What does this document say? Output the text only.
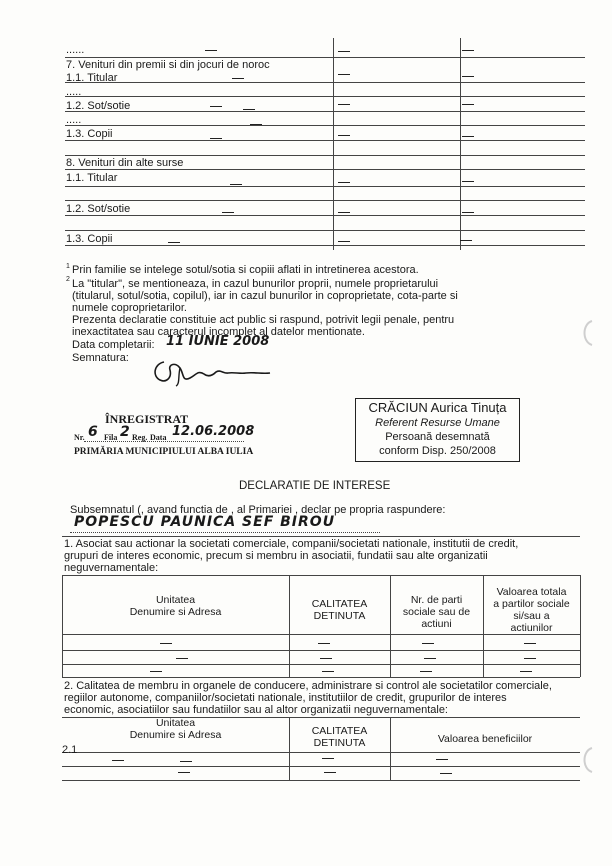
......
7. Venituri din premii si din jocuri de noroc
1.1. Titular
.....
1.2. Sot/sotie
.....
1.3. Copii
8. Venituri din alte surse
1.1. Titular
1.2. Sot/sotie
1.3. Copii
1 Prin familie se intelege sotul/sotia si copiii aflati in intretinerea acestora.
2 La "titular", se mentioneaza, in cazul bunurilor proprii, numele proprietarului
(titularul, sotul/sotia, copilul), iar in cazul bunurilor in coproprietate, cota-parte si
numele coproprietarilor.
Prezenta declaratie constituie act public si raspund, potrivit legii penale, pentru
inexactitatea sau caracterul incomplet al datelor mentionate.
Data completarii: 11 IUNIE 2008
Semnatura:
ÎNREGISTRAT
Nr. 6 Fila 2 Reg. Data 12.06.2008
PRIMĂRIA MUNICIPIULUI ALBA IULIA
CRĂCIUN Aurica Tinuța
Referent Resurse Umane
Persoană desemnată
conform Disp. 250/2008
DECLARATIE DE INTERESE
Subsemnatul (, avand functia de , al Primariei , declar pe propria raspundere:
POPESCU PAUNICA SEF BIROU
1. Asociat sau actionar la societati comerciale, companii/societati nationale, institutii de credit,
grupuri de interes economic, precum si membru in asociatii, fundatii sau alte organizatii
neguvernamentale:
Unitatea
Denumire si Adresa
CALITATEA
DETINUTA
Nr. de parti
sociale sau de
actiuni
Valoarea totala
a partilor sociale
si/sau a
actiunilor
2. Calitatea de membru in organele de conducere, administrare si control ale societatilor comerciale,
regiilor autonome, companiilor/societati nationale, institutiilor de credit, grupurilor de interes
economic, asociatiilor sau fundatiilor sau al altor organizatii neguvernamentale:
Unitatea
Denumire si Adresa	CALITATEA
DETINUTA	Valoarea beneficiilor
2.1
